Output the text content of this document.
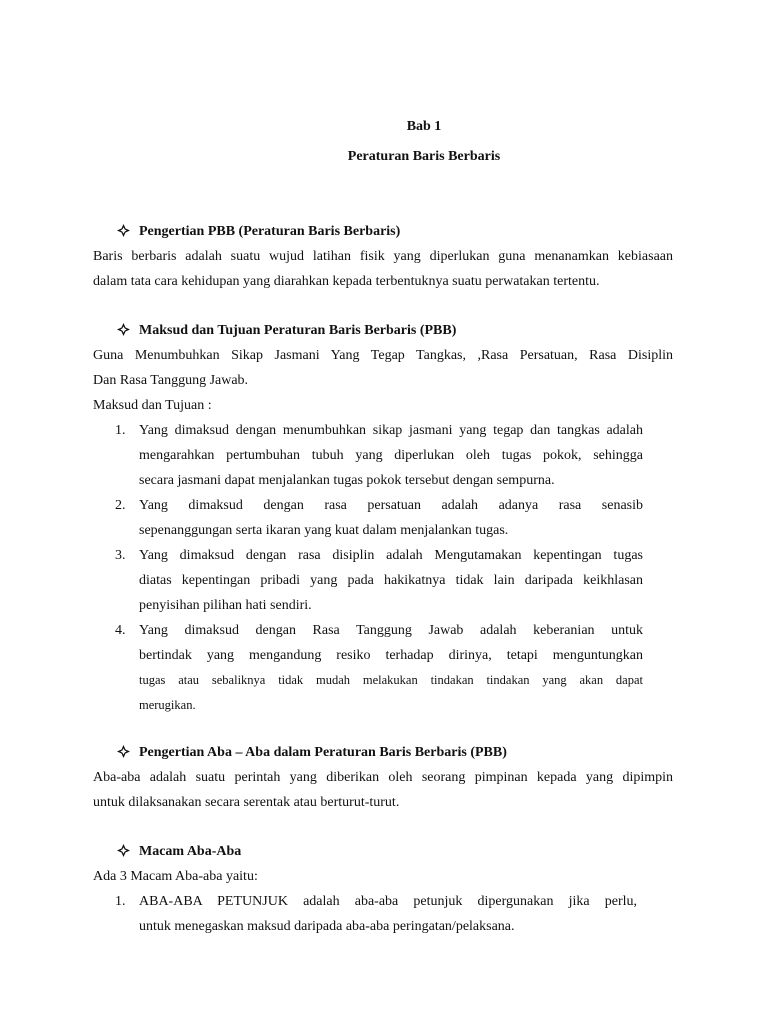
Bab 1

Peraturan Baris Berbaris

Pengertian PBB (Peraturan Baris Berbaris)

Baris berbaris adalah suatu wujud latihan fisik yang diperlukan guna menanamkan kebiasaan

dalam tata cara kehidupan yang diarahkan kepada terbentuknya suatu perwatakan tertentu.

Maksud dan Tujuan Peraturan Baris Berbaris (PBB)

Guna Menumbuhkan Sikap Jasmani Yang Tegap Tangkas, ,Rasa Persatuan, Rasa Disiplin

Dan Rasa Tanggung Jawab.

Maksud dan Tujuan :

1. Yang dimaksud dengan menumbuhkan sikap jasmani yang tegap dan tangkas adalah
mengarahkan pertumbuhan tubuh yang diperlukan oleh tugas pokok, sehingga
secara jasmani dapat menjalankan tugas pokok tersebut dengan sempurna.
2. Yang dimaksud dengan rasa persatuan adalah adanya rasa senasib
sepenanggungan serta ikaran yang kuat dalam menjalankan tugas.
3. Yang dimaksud dengan rasa disiplin adalah Mengutamakan kepentingan tugas
diatas kepentingan pribadi yang pada hakikatnya tidak lain daripada keikhlasan
penyisihan pilihan hati sendiri.
4. Yang dimaksud dengan Rasa Tanggung Jawab adalah keberanian untuk
bertindak yang mengandung resiko terhadap dirinya, tetapi menguntungkan
tugas atau sebaliknya tidak mudah melakukan tindakan tindakan yang akan dapat
merugikan.

Pengertian Aba – Aba dalam Peraturan Baris Berbaris (PBB)

Aba-aba adalah suatu perintah yang diberikan oleh seorang pimpinan kepada yang dipimpin

untuk dilaksanakan secara serentak atau berturut-turut.

Macam Aba-Aba

Ada 3 Macam Aba-aba yaitu:

1. ABA-ABA PETUNJUK adalah aba-aba petunjuk dipergunakan jika perlu,
untuk menegaskan maksud daripada aba-aba peringatan/pelaksana.
